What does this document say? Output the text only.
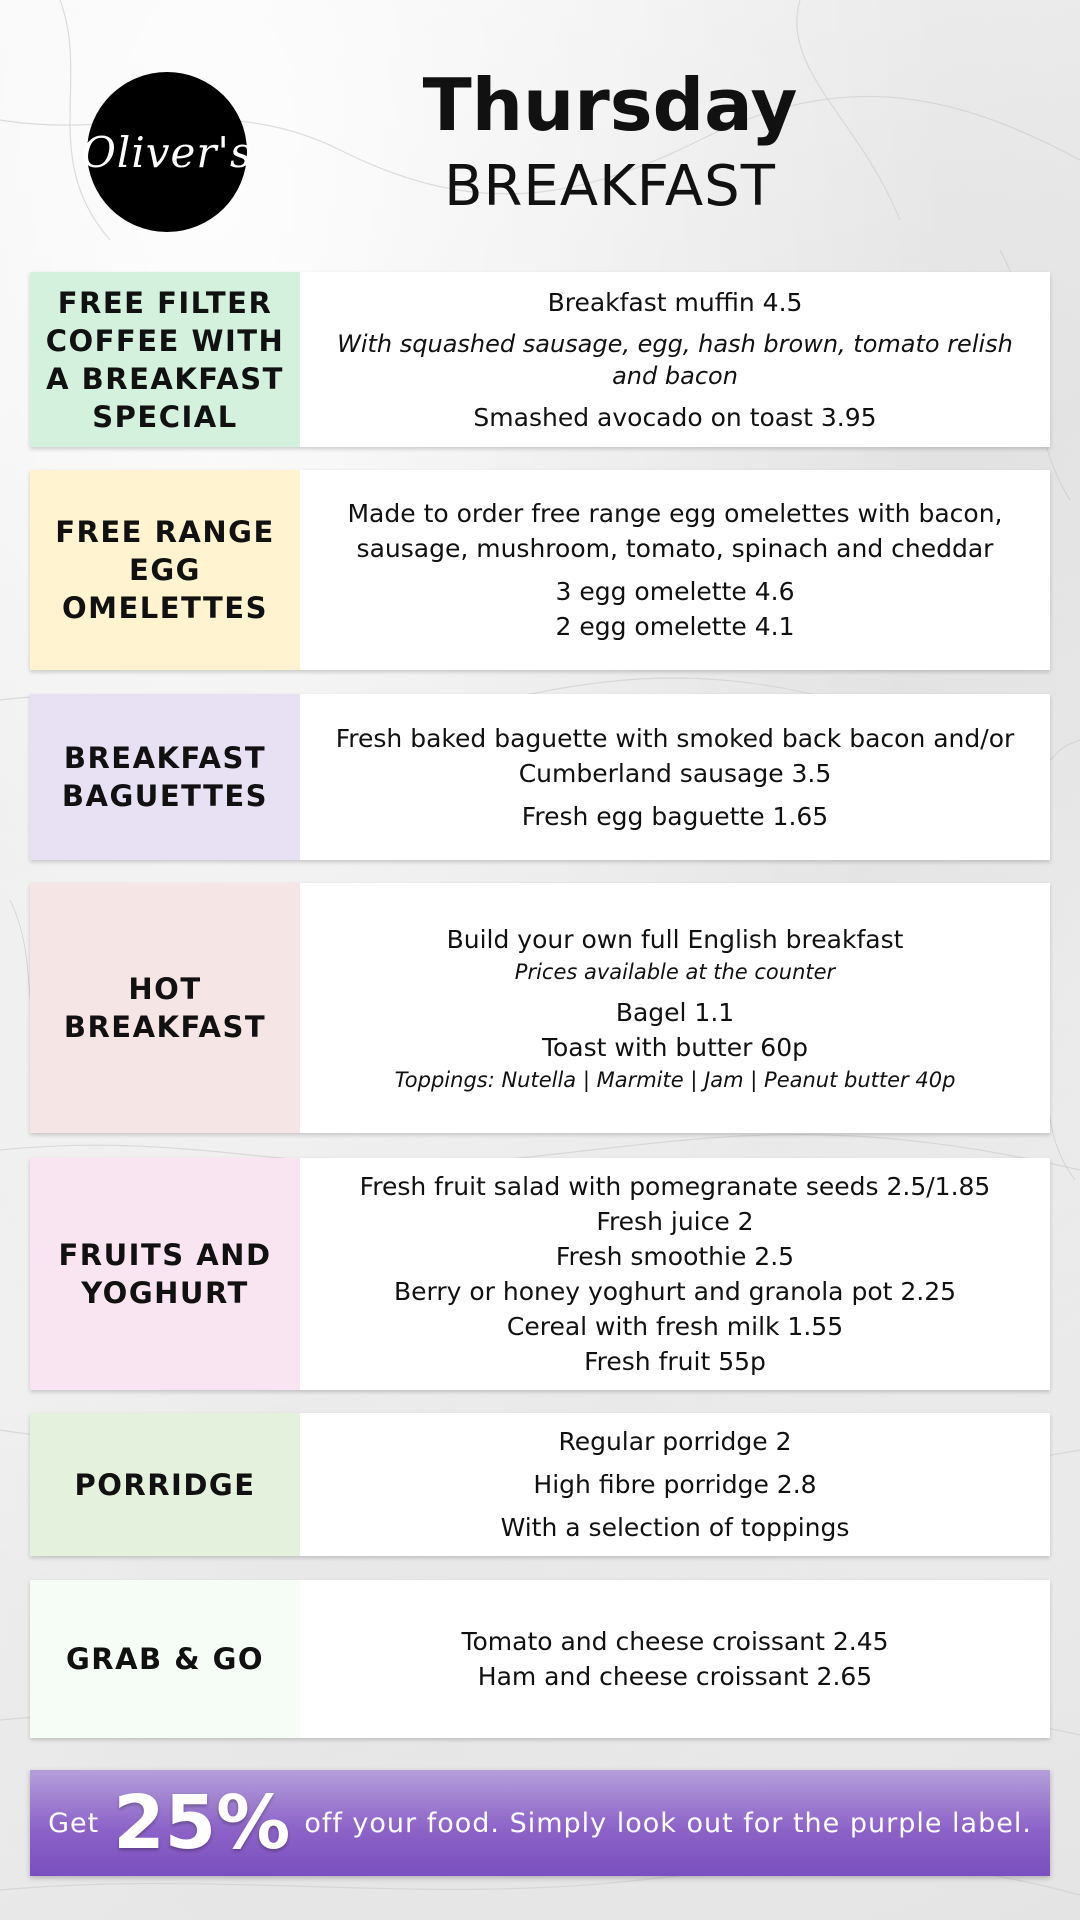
Oliver's
Thursday
BREAKFAST
FREE FILTER COFFEE WITH A BREAKFAST SPECIAL
Breakfast muffin 4.5
With squashed sausage, egg, hash brown, tomato relish and bacon
Smashed avocado on toast 3.95
FREE RANGE EGG OMELETTES
Made to order free range egg omelettes with bacon, sausage, mushroom, tomato, spinach and cheddar
3 egg omelette 4.6
2 egg omelette 4.1
BREAKFAST BAGUETTES
Fresh baked baguette with smoked back bacon and/or Cumberland sausage 3.5
Fresh egg baguette 1.65
HOT BREAKFAST
Build your own full English breakfast
Prices available at the counter
Bagel 1.1
Toast with butter 60p
Toppings: Nutella | Marmite | Jam | Peanut butter 40p
FRUITS AND YOGHURT
Fresh fruit salad with pomegranate seeds 2.5/1.85
Fresh juice 2
Fresh smoothie 2.5
Berry or honey yoghurt and granola pot 2.25
Cereal with fresh milk 1.55
Fresh fruit 55p
PORRIDGE
Regular porridge 2
High fibre porridge 2.8
With a selection of toppings
GRAB & GO
Tomato and cheese croissant 2.45
Ham and cheese croissant 2.65
Get 25% off your food. Simply look out for the purple label.
